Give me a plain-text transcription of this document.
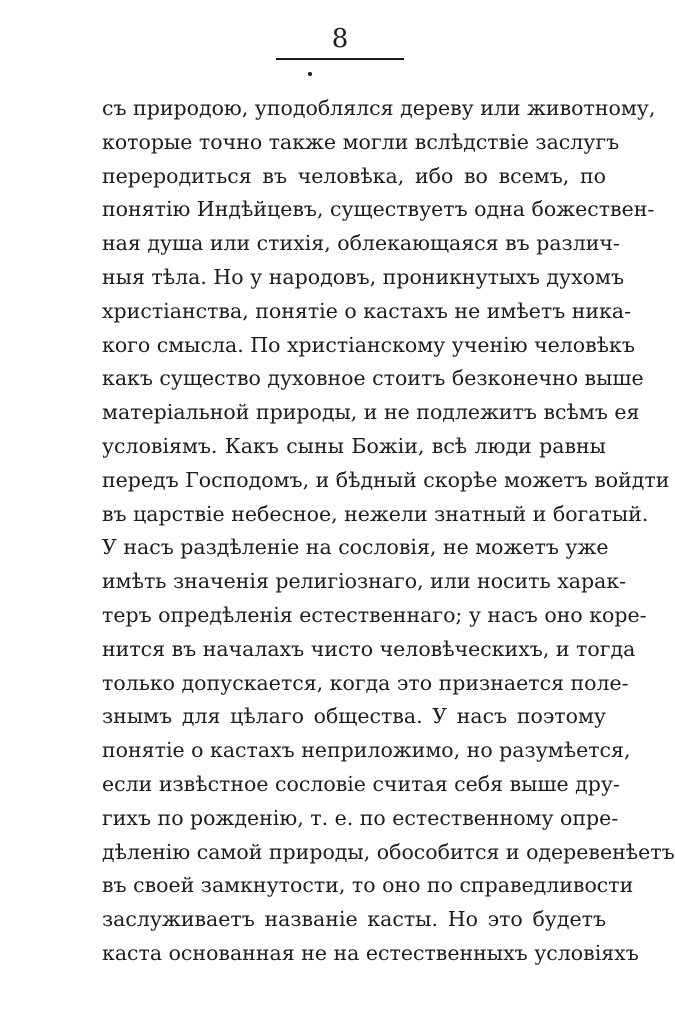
8
съ природою, уподоблялся дереву или животному,
которые точно также могли вслѣдствіе заслугъ
переродиться въ человѣка, ибо во всемъ, по
понятію Индѣйцевъ, существуетъ одна божествен-
ная душа или стихія, облекающаяся въ различ-
ныя тѣла. Но у народовъ, проникнутыхъ духомъ
христіанства, понятіе о кастахъ не имѣетъ ника-
кого смысла. По христіанскому ученію человѣкъ
какъ существо духовное стоитъ безконечно выше
матеріальной природы, и не подлежитъ всѣмъ ея
условіямъ. Какъ сыны Божіи, всѣ люди равны
передъ Господомъ, и бѣдный скорѣе можетъ войдти
въ царствіе небесное, нежели знатный и богатый.
У насъ раздѣленіе на сословія, не можетъ уже
имѣть значенія религіознаго, или носить харак-
теръ опредѣленія естественнаго; у насъ оно коре-
нится въ началахъ чисто человѣческихъ, и тогда
только допускается, когда это признается поле-
знымъ для цѣлаго общества. У насъ поэтому
понятіе о кастахъ неприложимо, но разумѣется,
если извѣстное сословіе считая себя выше дру-
гихъ по рожденію, т. е. по естественному опре-
дѣленію самой природы, обособится и одеревенѣетъ
въ своей замкнутости, то оно по справедливости
заслуживаетъ названіе касты. Но это будетъ
каста основанная не на естественныхъ условіяхъ
